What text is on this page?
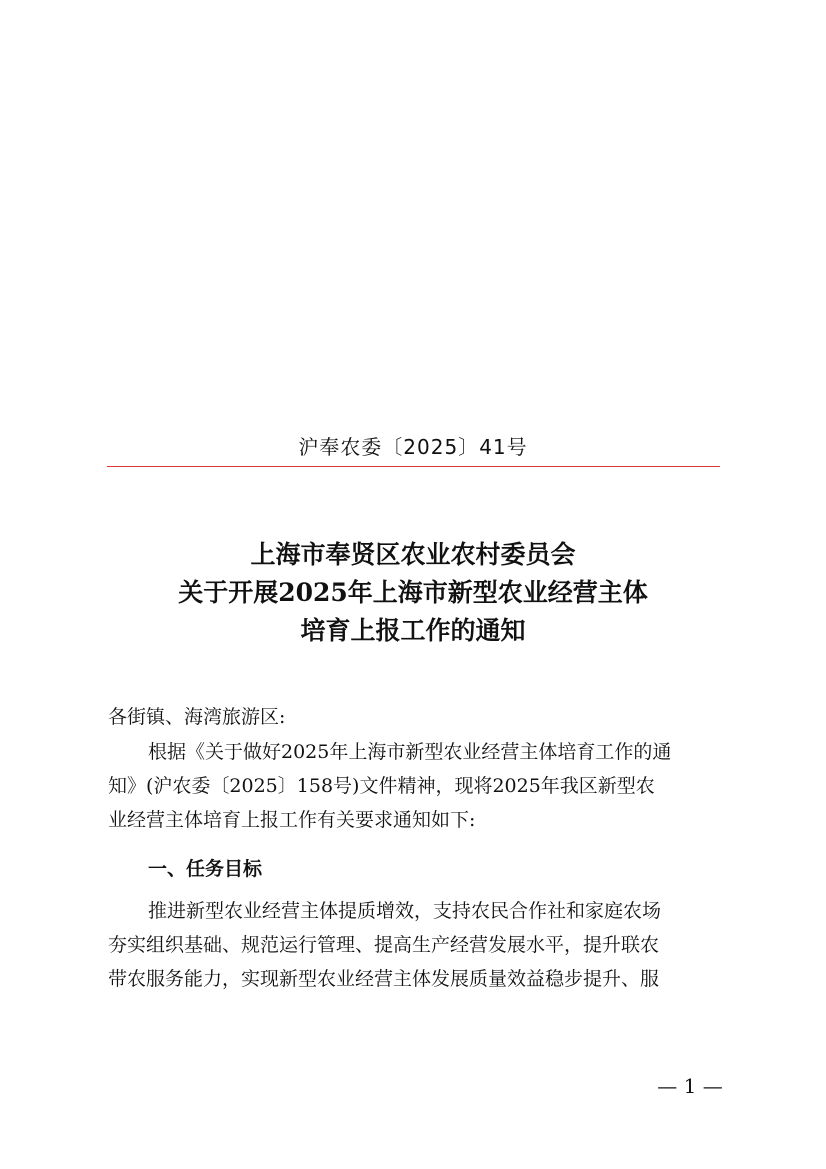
沪奉农委〔2025〕41号
上海市奉贤区农业农村委员会
关于开展2025年上海市新型农业经营主体
培育上报工作的通知
各街镇、海湾旅游区:
根据《关于做好2025年上海市新型农业经营主体培育工作的通
知》(沪农委〔2025〕158号)文件精神，现将2025年我区新型农
业经营主体培育上报工作有关要求通知如下:
一、任务目标
推进新型农业经营主体提质增效，支持农民合作社和家庭农场
夯实组织基础、规范运行管理、提高生产经营发展水平，提升联农
带农服务能力，实现新型农业经营主体发展质量效益稳步提升、服
— 1 —
